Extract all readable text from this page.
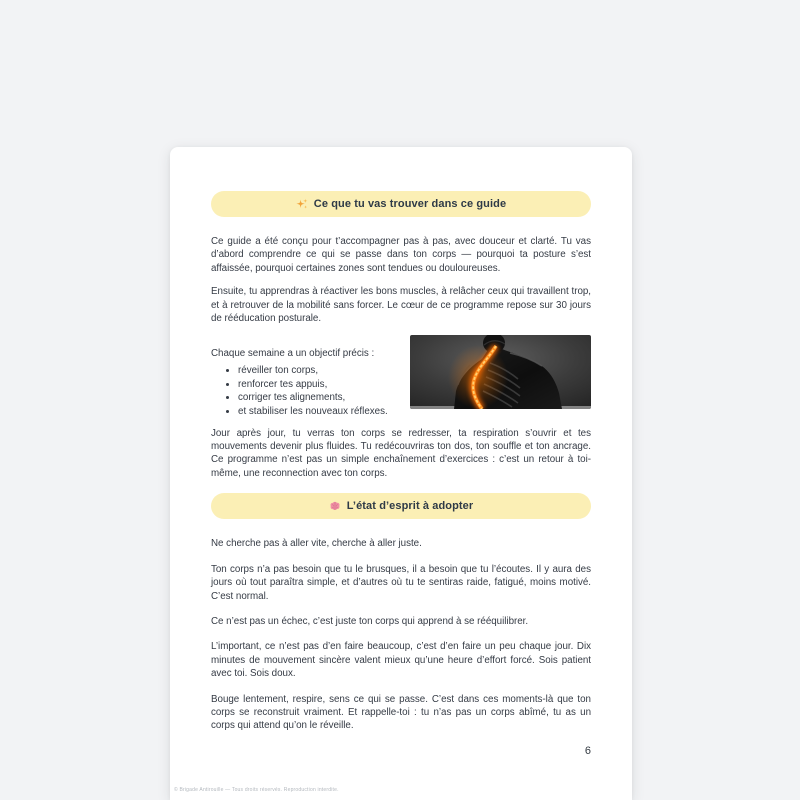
Ce que tu vas trouver dans ce guide

Ce guide a été conçu pour t’accompagner pas à pas, avec douceur et clarté. Tu vas d’abord comprendre ce qui se passe dans ton corps — pourquoi ta posture s’est affaissée, pourquoi certaines zones sont tendues ou douloureuses.

Ensuite, tu apprendras à réactiver les bons muscles, à relâcher ceux qui travaillent trop, et à retrouver de la mobilité sans forcer. Le cœur de ce programme repose sur 30 jours de rééducation posturale.

Chaque semaine a un objectif précis :

• réveiller ton corps,
• renforcer tes appuis,
• corriger tes alignements,
• et stabiliser les nouveaux réflexes.

Jour après jour, tu verras ton corps se redresser, ta respiration s’ouvrir et tes mouvements devenir plus fluides. Tu redécouvriras ton dos, ton souffle et ton ancrage. Ce programme n’est pas un simple enchaînement d’exercices : c’est un retour à toi-même, une reconnection avec ton corps.

L’état d’esprit à adopter

Ne cherche pas à aller vite, cherche à aller juste.

Ton corps n’a pas besoin que tu le brusques, il a besoin que tu l’écoutes. Il y aura des jours où tout paraîtra simple, et d’autres où tu te sentiras raide, fatigué, moins motivé. C’est normal.

Ce n’est pas un échec, c’est juste ton corps qui apprend à se rééquilibrer.

L’important, ce n’est pas d’en faire beaucoup, c’est d’en faire un peu chaque jour. Dix minutes de mouvement sincère valent mieux qu’une heure d’effort forcé. Sois patient avec toi. Sois doux.

Bouge lentement, respire, sens ce qui se passe. C’est dans ces moments-là que ton corps se reconstruit vraiment. Et rappelle-toi : tu n’as pas un corps abîmé, tu as un corps qui attend qu’on le réveille.

6
© Brigade Antirouille — Tous droits réservés. Reproduction interdite.
